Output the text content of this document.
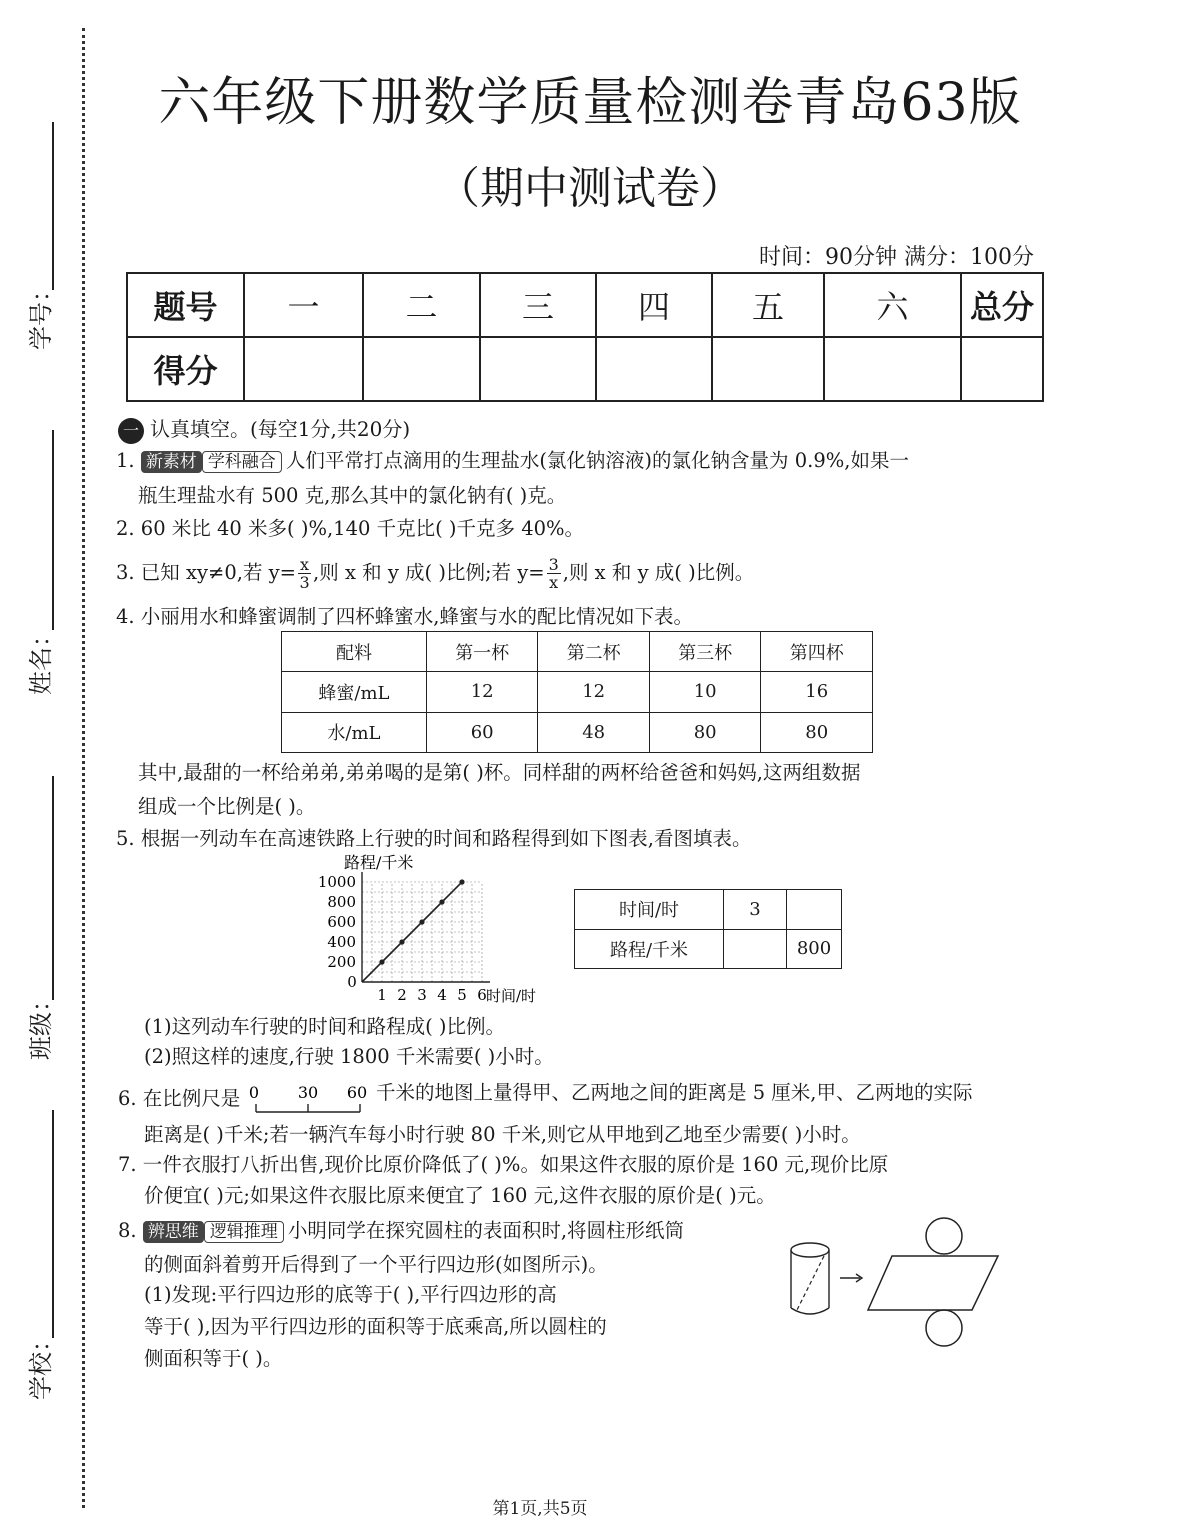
学号：
姓名：
班级：
学校：
六年级下册数学质量检测卷青岛63版
（期中测试卷）
时间：90分钟 满分：100分
题号	一	二	三	四	五	六	总分
得分							
一 认真填空。(每空1分,共20分)
1. 新素材 学科融合 人们平常打点滴用的生理盐水(氯化钠溶液)的氯化钠含量为 0.9%,如果一
瓶生理盐水有 500 克,那么其中的氯化钠有( )克。
2. 60 米比 40 米多( )%,140 千克比( )千克多 40%。
3. 已知 xy≠0,若 $y= \frac{x}{3}$ ,则 x 和 y 成( )比例;若 $y= \frac{3}{x}$ ,则 x 和 y 成( )比例。
4. 小丽用水和蜂蜜调制了四杯蜂蜜水,蜂蜜与水的配比情况如下表。
配料	第一杯	第二杯	第三杯	第四杯
蜂蜜/mL	12	12	10	16
水/mL	60	48	80	80
其中,最甜的一杯给弟弟,弟弟喝的是第( )杯。同样甜的两杯给爸爸和妈妈,这两组数据
组成一个比例是( )。
5. 根据一列动车在高速铁路上行驶的时间和路程得到如下图表,看图填表。
200
400
600
800
1000
0
1 2 3 4 5 6
路程/千米
时间/时
时间/时	3	
路程/千米		800
(1)这列动车行驶的时间和路程成( )比例。
(2)照这样的速度,行驶 1800 千米需要( )小时。
6. 在比例尺是 0 30 60 千米的地图上量得甲、乙两地之间的距离是 5 厘米,甲、乙两地的实际
距离是( )千米;若一辆汽车每小时行驶 80 千米,则它从甲地到乙地至少需要( )小时。
7. 一件衣服打八折出售,现价比原价降低了( )%。如果这件衣服的原价是 160 元,现价比原
价便宜( )元;如果这件衣服比原来便宜了 160 元,这件衣服的原价是( )元。
8. 辨思维 逻辑推理 小明同学在探究圆柱的表面积时,将圆柱形纸筒
的侧面斜着剪开后得到了一个平行四边形(如图所示)。
(1)发现:平行四边形的底等于( ),平行四边形的高
等于( ),因为平行四边形的面积等于底乘高,所以圆柱的
侧面积等于( )。
第1页,共5页
